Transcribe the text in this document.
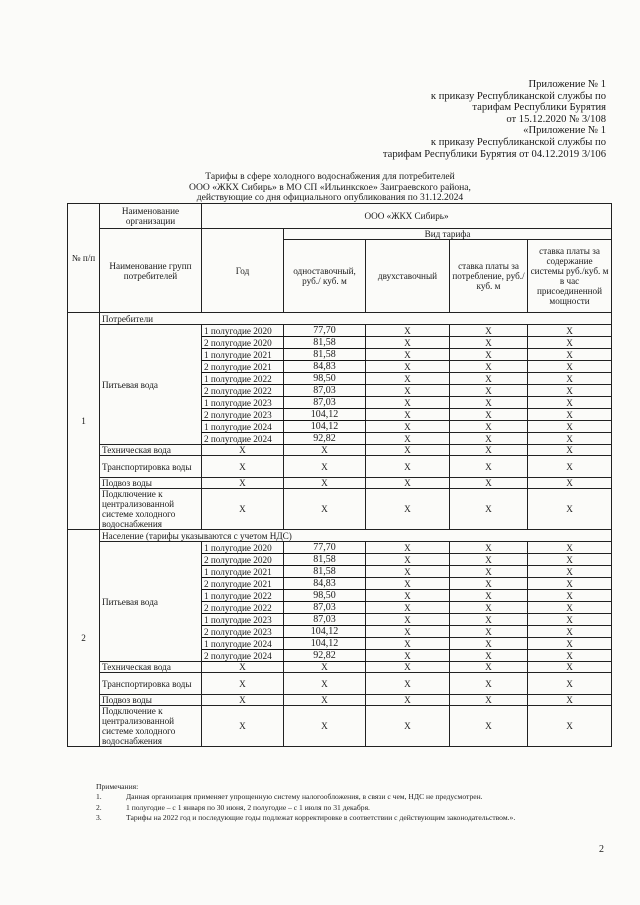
Приложение № 1
к приказу Республиканской службы по
тарифам Республики Бурятия
от 15.12.2020 № 3/108
«Приложение № 1
к приказу Республиканской службы по
тарифам Республики Бурятия от 04.12.2019 3/106
Тарифы в сфере холодного водоснабжения для потребителей
ООО «ЖКХ Сибирь» в МО СП «Ильинкское» Заиграевского района,
действующие со дня официального опубликования по 31.12.2024
№ п/п	Наименование организации	ООО «ЖКХ Сибирь»				
	Наименование групп потребителей	Год	Вид тарифа			
			одноставочный, руб./ куб. м	двухставочный	ставка платы за потребление, руб./ куб. м	ставка платы за содержание системы руб./куб. м в час присоединенной мощности
1	Потребители					
	Питьевая вода	1 полугодие 2020	77,70	X	X	X
		2 полугодие 2020	81,58	X	X	X
		1 полугодие 2021	81,58	X	X	X
		2 полугодие 2021	84,83	X	X	X
		1 полугодие 2022	98,50	X	X	X
		2 полугодие 2022	87,03	X	X	X
		1 полугодие 2023	87,03	X	X	X
		2 полугодие 2023	104,12	X	X	X
		1 полугодие 2024	104,12	X	X	X
		2 полугодие 2024	92,82	X	X	X
	Техническая вода	X	X	X	X	X
	Транспортировка воды	X	X	X	X	X
	Подвоз воды	X	X	X	X	X
	Подключение к централизованной системе холодного водоснабжения	X	X	X	X	X
2	Население (тарифы указываются с учетом НДС)					
	Питьевая вода	1 полугодие 2020	77,70	X	X	X
		2 полугодие 2020	81,58	X	X	X
		1 полугодие 2021	81,58	X	X	X
		2 полугодие 2021	84,83	X	X	X
		1 полугодие 2022	98,50	X	X	X
		2 полугодие 2022	87,03	X	X	X
		1 полугодие 2023	87,03	X	X	X
		2 полугодие 2023	104,12	X	X	X
		1 полугодие 2024	104,12	X	X	X
		2 полугодие 2024	92,82	X	X	X
	Техническая вода	X	X	X	X	X
	Транспортировка воды	X	X	X	X	X
	Подвоз воды	X	X	X	X	X
	Подключение к централизованной системе холодного водоснабжения	X	X	X	X	X
Примечания:
1.	Данная организация применяет упрощенную систему налогообложения, в связи с чем, НДС не предусмотрен.
2.	1 полугодие – с 1 января по 30 июня, 2 полугодие – с 1 июля по 31 декабря.
3.	Тарифы на 2022 год и последующие годы подлежат корректировке в соответствии с действующим законодательством.».
2
